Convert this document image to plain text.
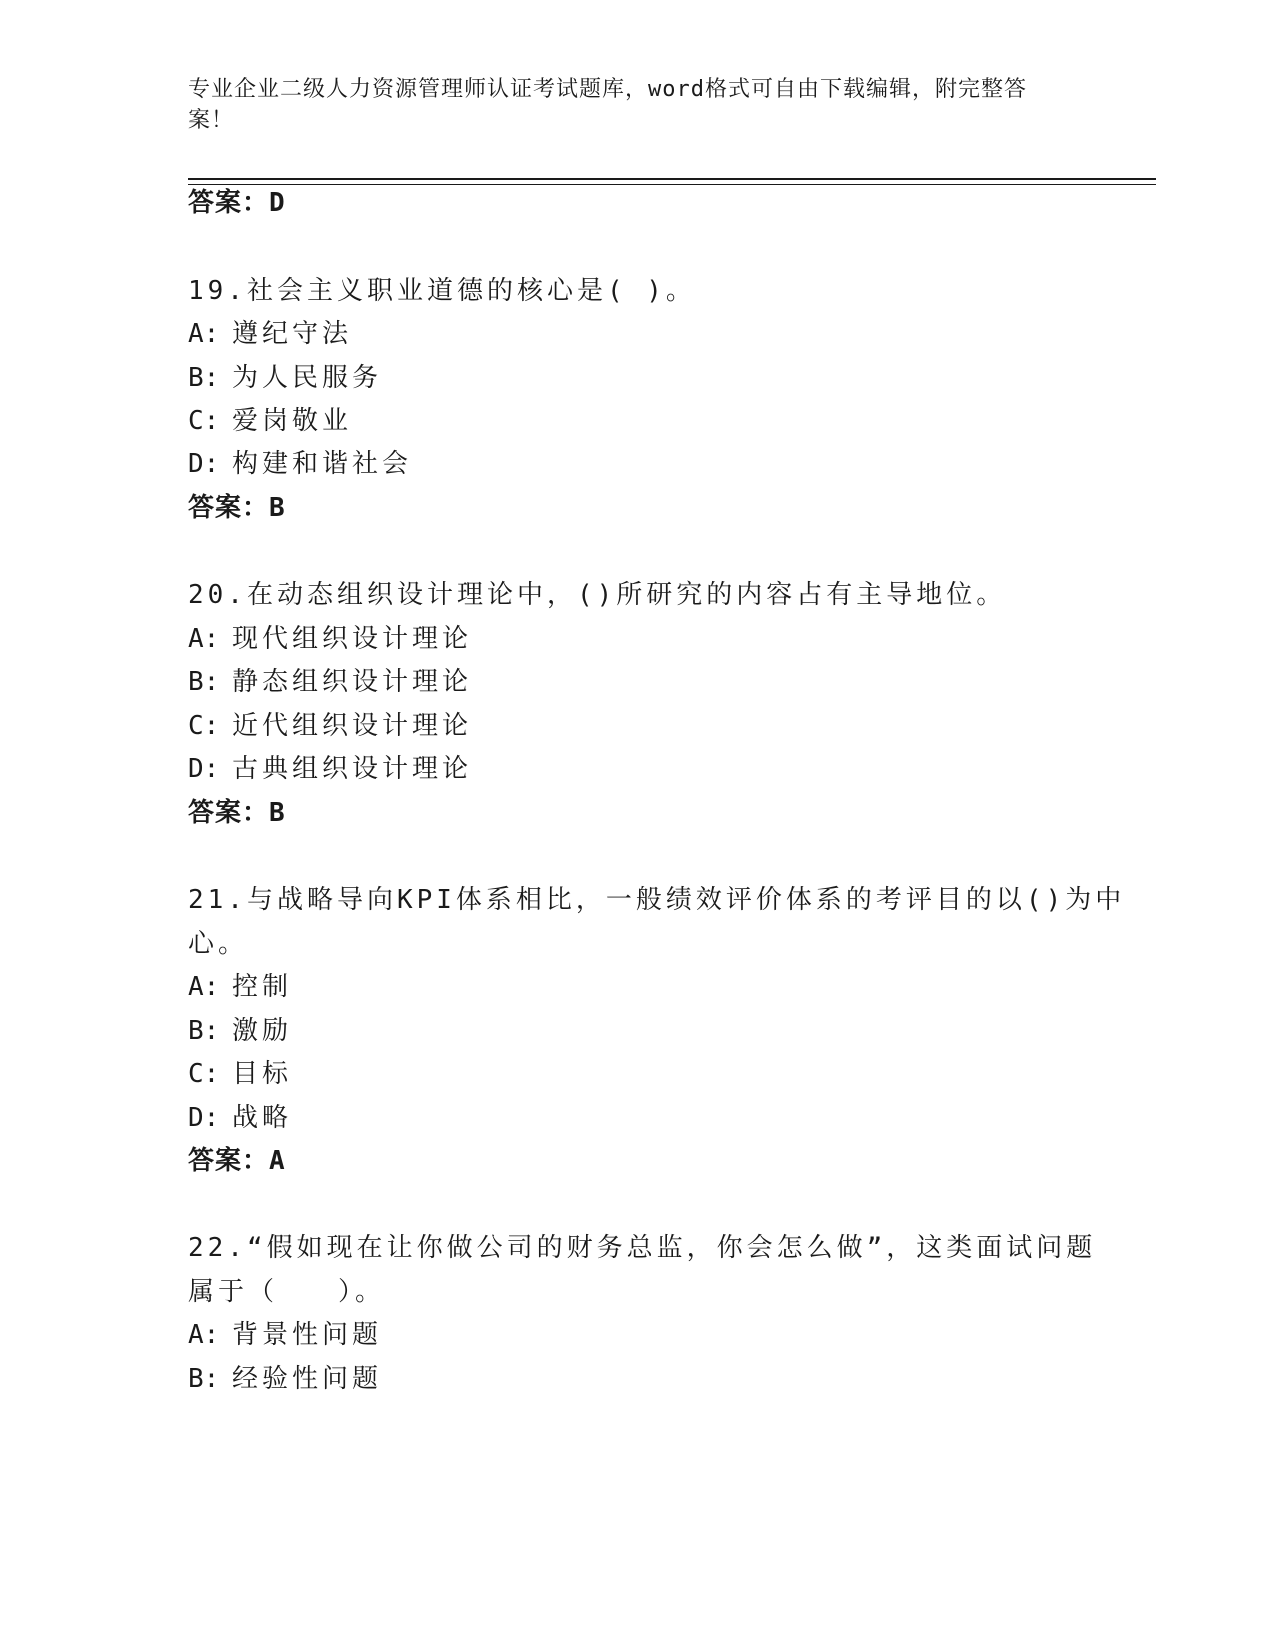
专业企业二级人力资源管理师认证考试题库，word格式可自由下载编辑，附完整答案！
答案：D
19.社会主义职业道德的核心是( )。
A: 遵纪守法
B: 为人民服务
C: 爱岗敬业
D: 构建和谐社会
答案：B
20.在动态组织设计理论中，()所研究的内容占有主导地位。
A: 现代组织设计理论
B: 静态组织设计理论
C: 近代组织设计理论
D: 古典组织设计理论
答案：B
21.与战略导向KPI体系相比，一般绩效评价体系的考评目的以()为中
心。
A: 控制
B: 激励
C: 目标
D: 战略
答案：A
22.“假如现在让你做公司的财务总监，你会怎么做”，这类面试问题
属于（　　）。
A: 背景性问题
B: 经验性问题
